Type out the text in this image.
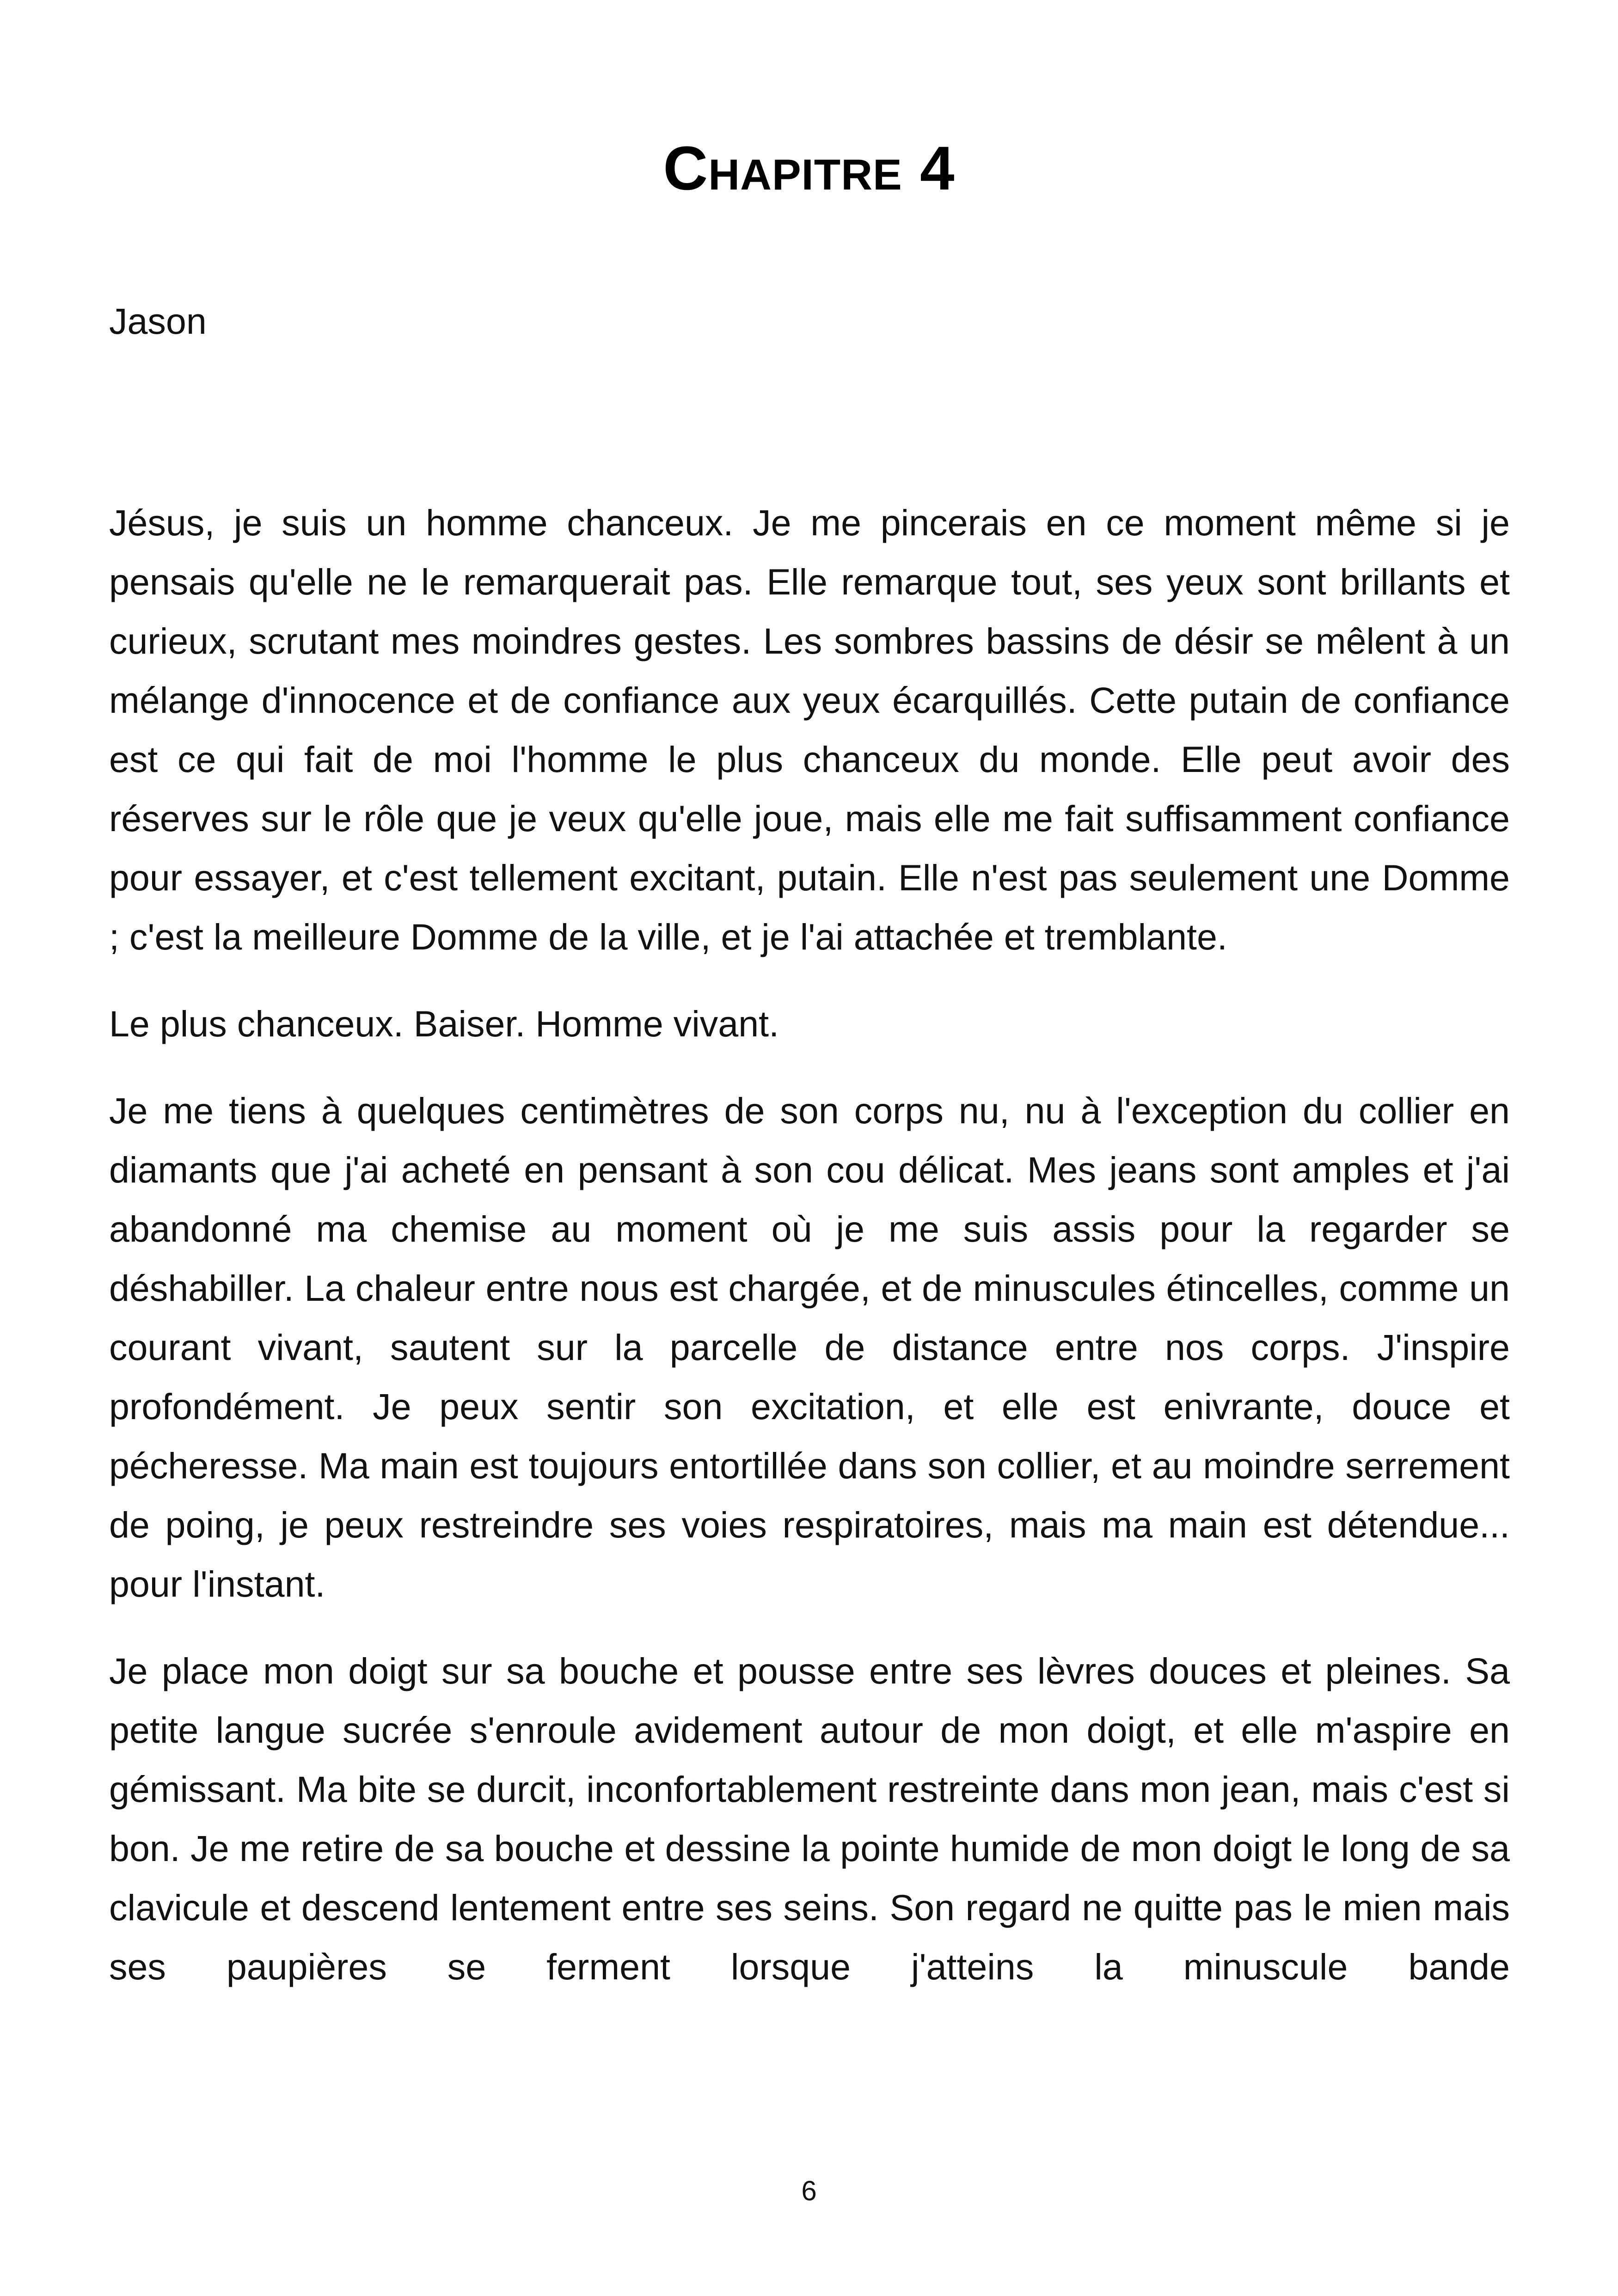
Chapitre 4
Jason

Jésus, je suis un homme chanceux. Je me pincerais en ce moment même si je pensais qu'elle ne le remarquerait pas. Elle remarque tout, ses yeux sont brillants et curieux, scrutant mes moindres gestes. Les sombres bassins de désir se mêlent à un mélange d'innocence et de confiance aux yeux écarquillés. Cette putain de confiance est ce qui fait de moi l'homme le plus chanceux du monde. Elle peut avoir des réserves sur le rôle que je veux qu'elle joue, mais elle me fait suffisamment confiance pour essayer, et c'est tellement excitant, putain. Elle n'est pas seulement une Domme ; c'est la meilleure Domme de la ville, et je l'ai attachée et tremblante.

Le plus chanceux. Baiser. Homme vivant.

Je me tiens à quelques centimètres de son corps nu, nu à l'exception du collier en diamants que j'ai acheté en pensant à son cou délicat. Mes jeans sont amples et j'ai abandonné ma chemise au moment où je me suis assis pour la regarder se déshabiller. La chaleur entre nous est chargée, et de minuscules étincelles, comme un courant vivant, sautent sur la parcelle de distance entre nos corps. J'inspire profondément. Je peux sentir son excitation, et elle est enivrante, douce et pécheresse. Ma main est toujours entortillée dans son collier, et au moindre serrement de poing, je peux restreindre ses voies respiratoires, mais ma main est détendue... pour l'instant.

Je place mon doigt sur sa bouche et pousse entre ses lèvres douces et pleines. Sa petite langue sucrée s'enroule avidement autour de mon doigt, et elle m'aspire en gémissant. Ma bite se durcit, inconfortablement restreinte dans mon jean, mais c'est si bon. Je me retire de sa bouche et dessine la pointe humide de mon doigt le long de sa clavicule et descend lentement entre ses seins. Son regard ne quitte pas le mien mais ses paupières se ferment lorsque j'atteins la minuscule bande

6
